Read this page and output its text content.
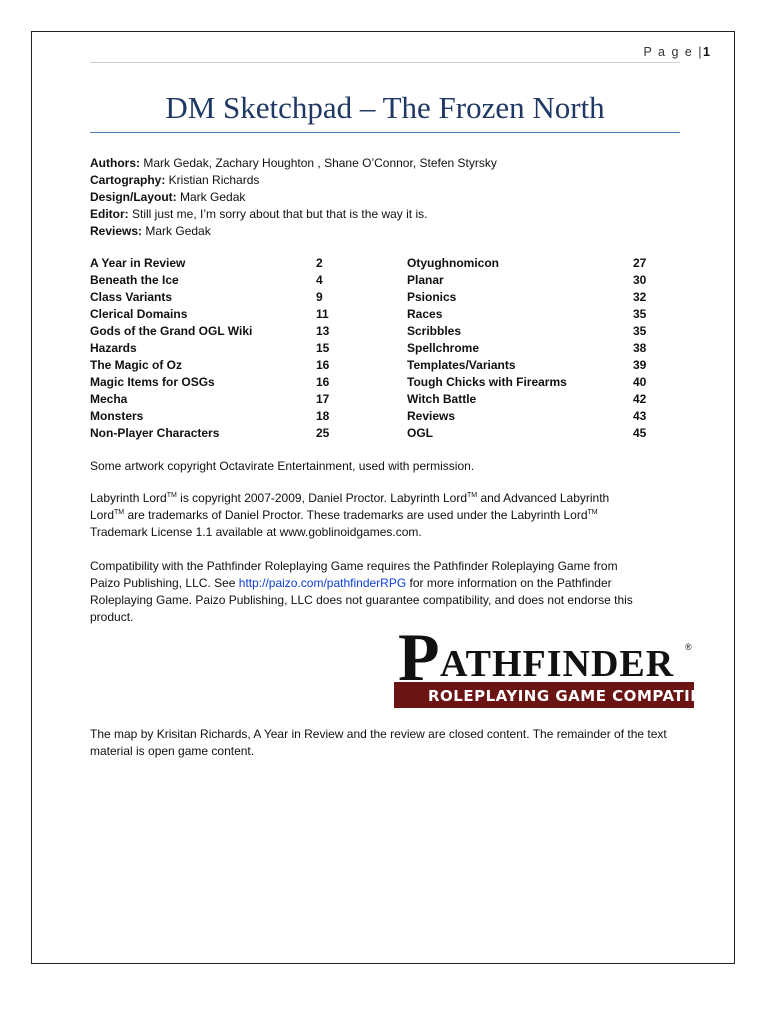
P a g e |1
DM Sketchpad – The Frozen North
Authors: Mark Gedak, Zachary Houghton , Shane O’Connor, Stefen Styrsky
Cartography: Kristian Richards
Design/Layout: Mark Gedak
Editor: Still just me, I’m sorry about that but that is the way it is.
Reviews: Mark Gedak
A Year in Review	2
Beneath the Ice	4
Class Variants	9
Clerical Domains	11
Gods of the Grand OGL Wiki	13
Hazards	15
The Magic of Oz	16
Magic Items for OSGs	16
Mecha	17
Monsters	18
Non-Player Characters	25
Otyughnomicon	27
Planar	30
Psionics	32
Races	35
Scribbles	35
Spellchrome	38
Templates/Variants	39
Tough Chicks with Firearms	40
Witch Battle	42
Reviews	43
OGL	45
Some artwork copyright Octavirate Entertainment, used with permission.
Labyrinth Lord™ is copyright 2007-2009, Daniel Proctor. Labyrinth Lord™ and Advanced Labyrinth
Lord™ are trademarks of Daniel Proctor. These trademarks are used under the Labyrinth Lord™
Trademark License 1.1 available at www.goblinoidgames.com.
Compatibility with the Pathfinder Roleplaying Game requires the Pathfinder Roleplaying Game from
Paizo Publishing, LLC. See http://paizo.com/pathfinderRPG for more information on the Pathfinder
Roleplaying Game. Paizo Publishing, LLC does not guarantee compatibility, and does not endorse this
product.
P ATHFINDER ®
ROLEPLAYING GAME COMPATIBLE
The map by Krisitan Richards, A Year in Review and the review are closed content. The remainder of the text material is open game content.
